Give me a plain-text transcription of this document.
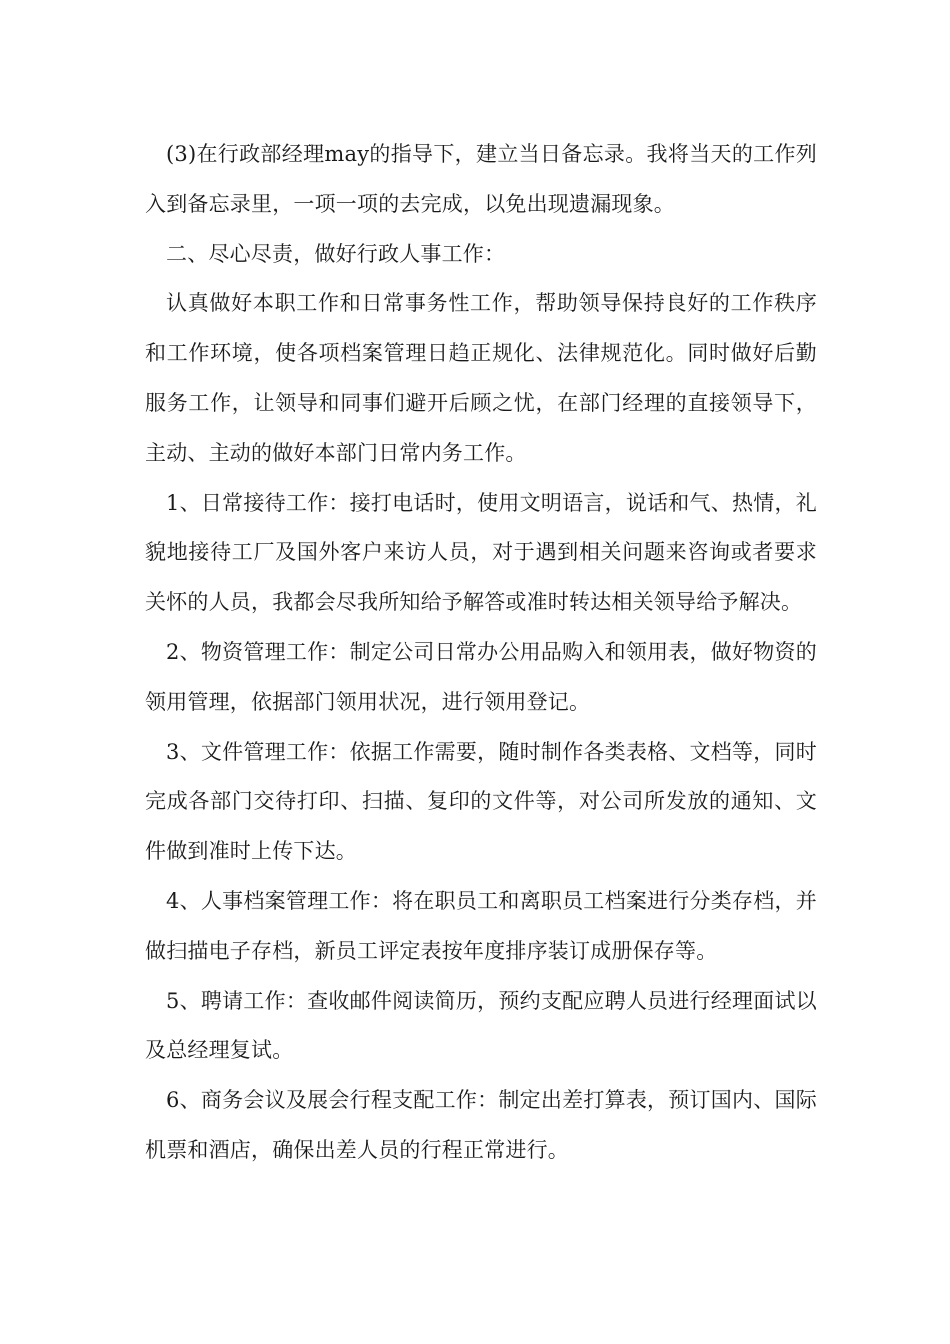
(3)在行政部经理may的指导下，建立当日备忘录。我将当天的工作列入到备忘录里，一项一项的去完成，以免出现遗漏现象。

二、尽心尽责，做好行政人事工作：

认真做好本职工作和日常事务性工作，帮助领导保持良好的工作秩序和工作环境，使各项档案管理日趋正规化、法律规范化。同时做好后勤服务工作，让领导和同事们避开后顾之忧，在部门经理的直接领导下，主动、主动的做好本部门日常内务工作。

1、日常接待工作：接打电话时，使用文明语言，说话和气、热情，礼貌地接待工厂及国外客户来访人员，对于遇到相关问题来咨询或者要求关怀的人员，我都会尽我所知给予解答或准时转达相关领导给予解决。

2、物资管理工作：制定公司日常办公用品购入和领用表，做好物资的领用管理，依据部门领用状况，进行领用登记。

3、文件管理工作：依据工作需要，随时制作各类表格、文档等，同时完成各部门交待打印、扫描、复印的文件等，对公司所发放的通知、文件做到准时上传下达。

4、人事档案管理工作：将在职员工和离职员工档案进行分类存档，并做扫描电子存档，新员工评定表按年度排序装订成册保存等。

5、聘请工作：查收邮件阅读简历，预约支配应聘人员进行经理面试以及总经理复试。

6、商务会议及展会行程支配工作：制定出差打算表，预订国内、国际机票和酒店，确保出差人员的行程正常进行。
